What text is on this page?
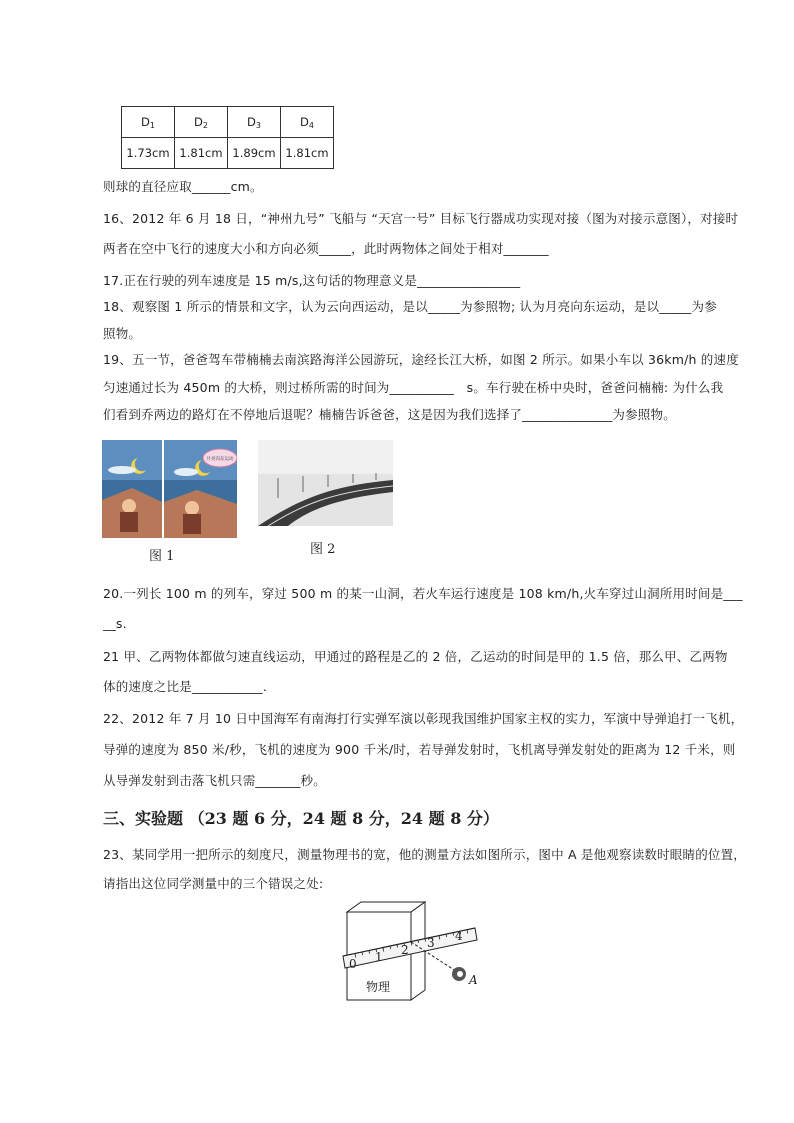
$D_1$	$D_2$	$D_3$	$D_4$
1.73cm	1.81cm	1.89cm	1.81cm
则球的直径应取______cm。
16、2012 年 6 月 18 日，“神州九号” 飞船与 “天宫一号” 目标飞行器成功实现对接（图为对接示意图），对接时
两者在空中飞行的速度大小和方向必须_____，此时两物体之间处于相对_______
17.正在行驶的列车速度是 15 m/s,这句话的物理意义是________________
18、观察图 1 所示的情景和文字，认为云向西运动，是以_____为参照物; 认为月亮向东运动，是以_____为参
照物。
19、五一节，爸爸驾车带楠楠去南滨路海洋公园游玩，途经长江大桥，如图 2 所示。如果小车以 36km/h 的速度
匀速通过长为 450m 的大桥，则过桥所需的时间为__________　s。车行驶在桥中央时，爸爸问楠楠: 为什么我
们看到乔两边的路灯在不停地后退呢？楠楠告诉爸爸，这是因为我们选择了______________为参照物。
月亮向东运动
图 1	图 2
20.一列长 100 m 的列车，穿过 500 m 的某一山洞，若火车运行速度是 108 km/h,火车穿过山洞所用时间是___
__s.
21 甲、乙两物体都做匀速直线运动，甲通过的路程是乙的 2 倍，乙运动的时间是甲的 1.5 倍，那么甲、乙两物
体的速度之比是___________.
22、2012 年 7 月 10 日中国海军有南海打行实弹军演以彰现我国维护国家主权的实力，军演中导弹追打一飞机，
导弹的速度为 850 米/秒，飞机的速度为 900 千米/时，若导弹发射时，飞机离导弹发射处的距离为 12 千米，则
从导弹发射到击落飞机只需_______秒。
三、实验题 （23 题 6 分，24 题 8 分，24 题 8 分）
23、某同学用一把所示的刻度尺，测量物理书的宽，他的测量方法如图所示，图中 A 是他观察读数时眼睛的位置，
请指出这位同学测量中的三个错误之处:
0 1 2 3 4
物理	A
